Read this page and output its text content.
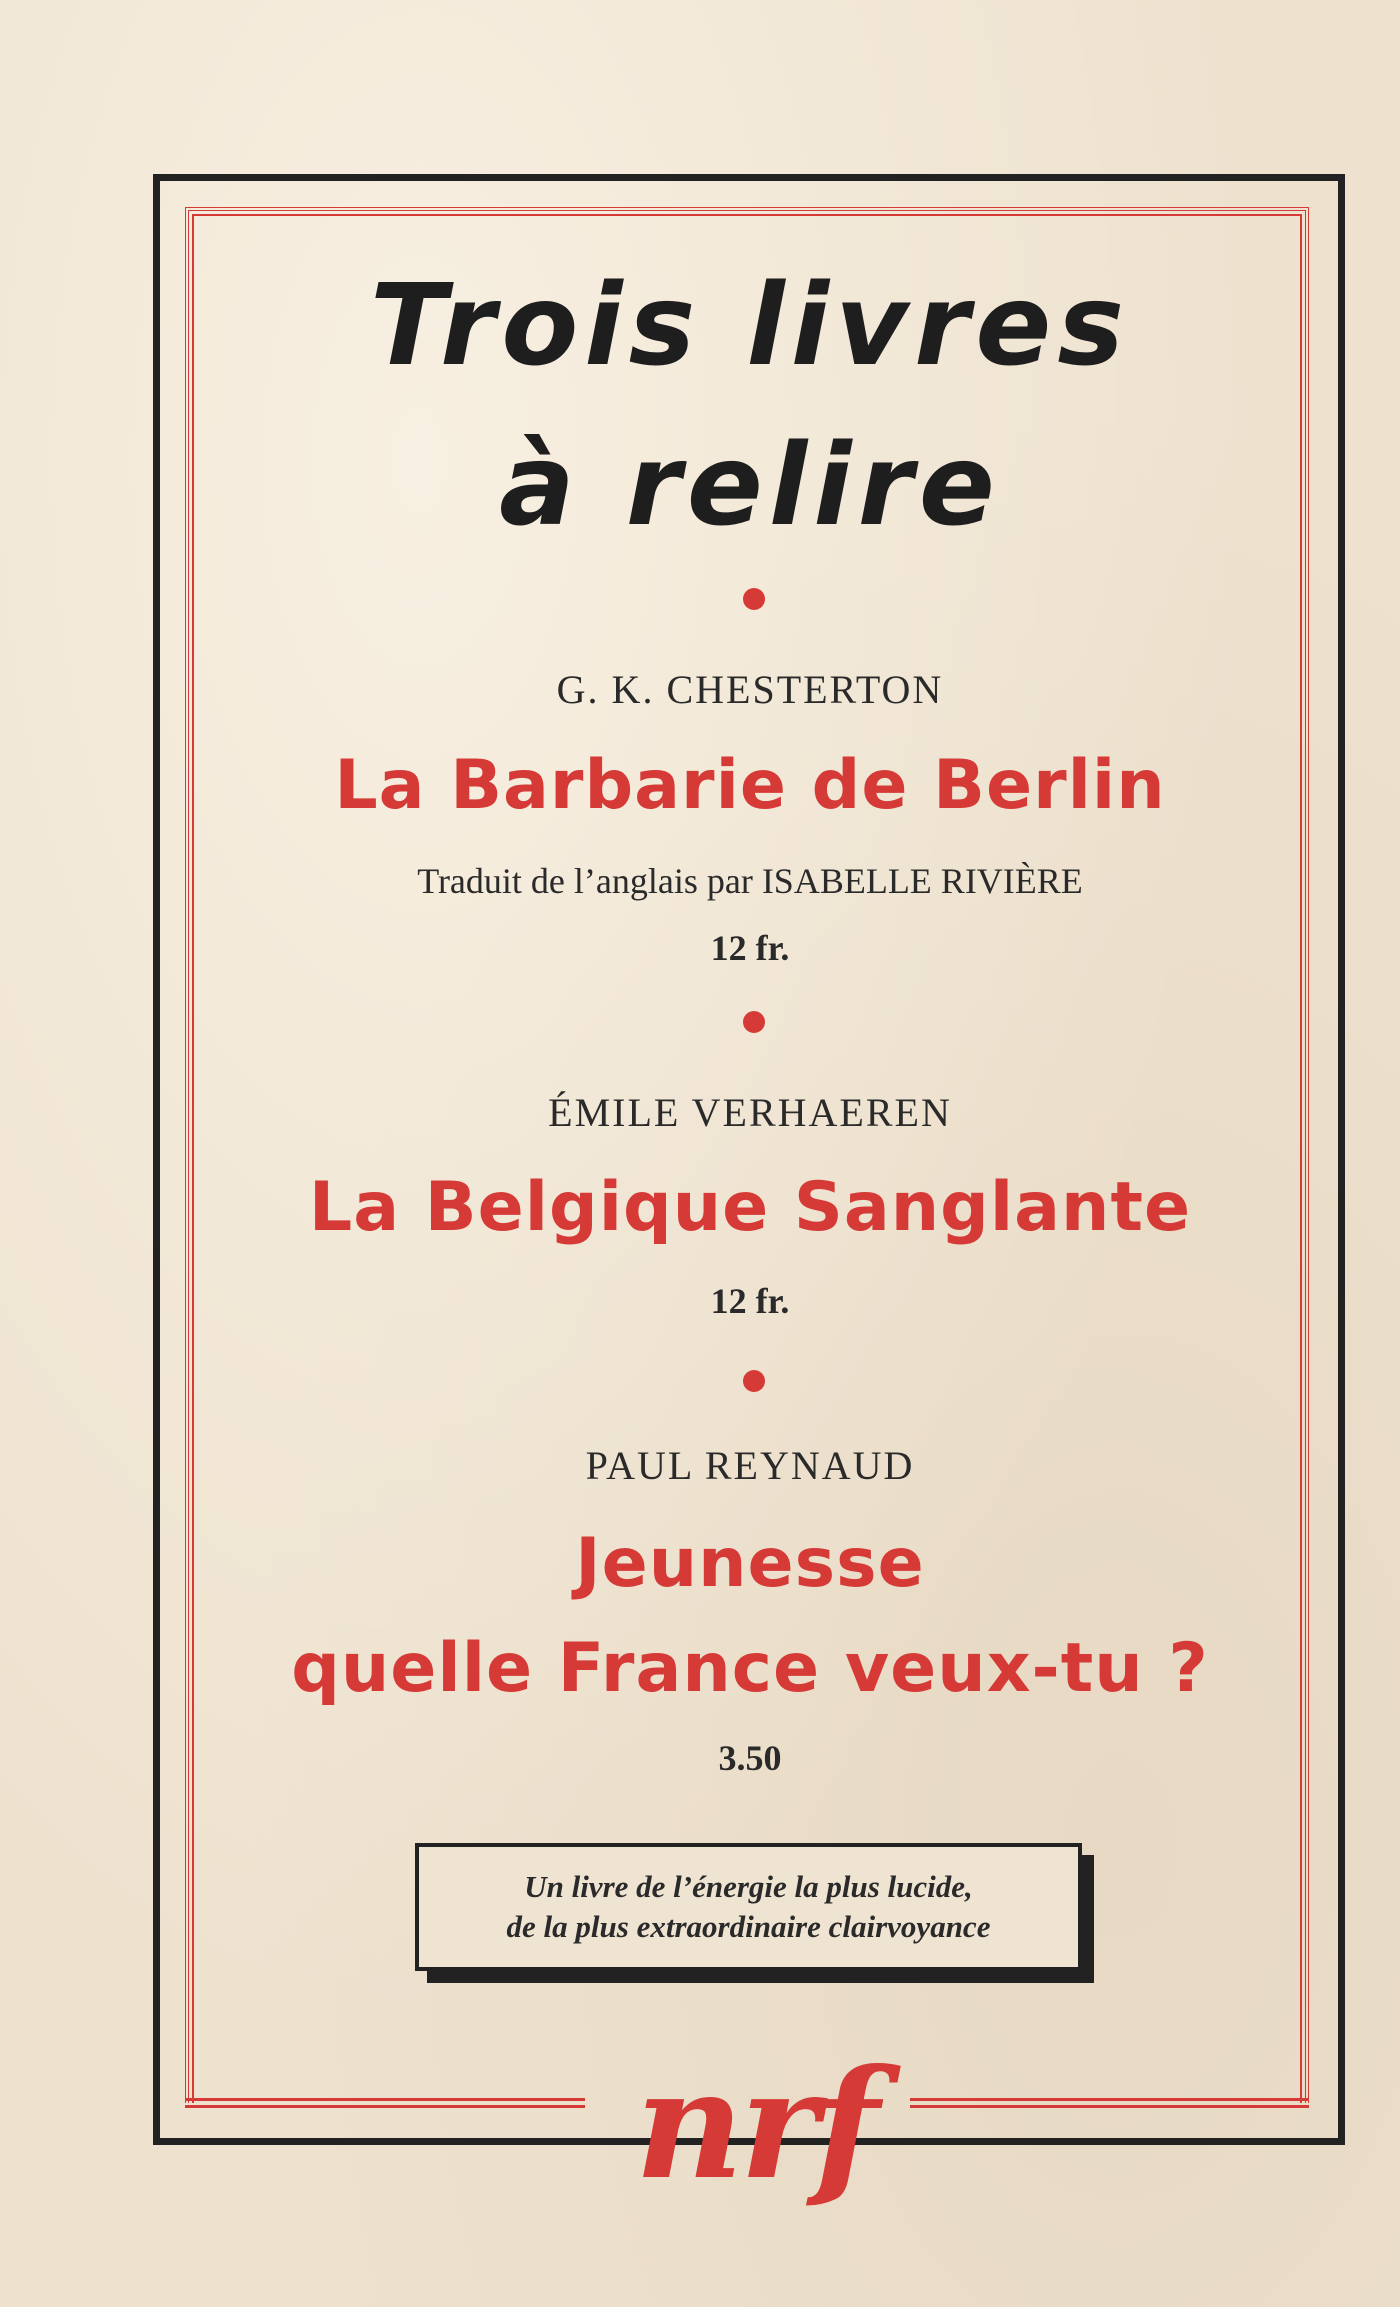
Trois livres
à relire

G. K. CHESTERTON

La Barbarie de Berlin

Traduit de l’anglais par ISABELLE RIVIÈRE

12 fr.

ÉMILE VERHAEREN

La Belgique Sanglante

12 fr.

PAUL REYNAUD

Jeunesse
quelle France veux-tu ?

3.50

Un livre de l’énergie la plus lucide,
de la plus extraordinaire clairvoyance
nrf
